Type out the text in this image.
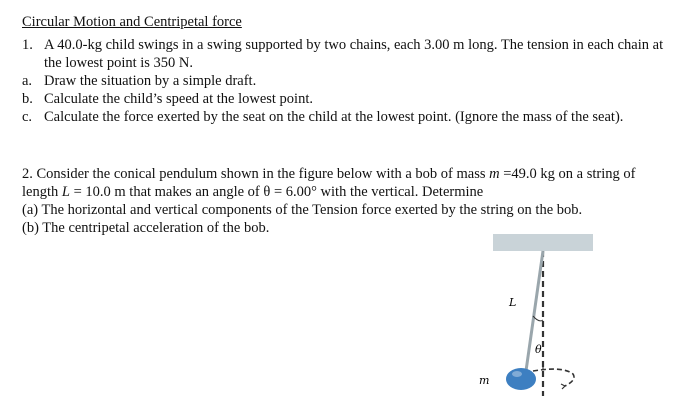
Circular Motion and Centripetal force
1. A 40.0-kg child swings in a swing supported by two chains, each 3.00 m long. The tension in each chain at the lowest point is 350 N.
a. Draw the situation by a simple draft.
b. Calculate the child’s speed at the lowest point.
c. Calculate the force exerted by the seat on the child at the lowest point. (Ignore the mass of the seat).

2. Consider the conical pendulum shown in the figure below with a bob of mass m =49.0 kg on a string of length L = 10.0 m that makes an angle of θ = 6.00° with the vertical. Determine

(a) The horizontal and vertical components of the Tension force exerted by the string on the bob.

(b) The centripetal acceleration of the bob.

L
θ
m
